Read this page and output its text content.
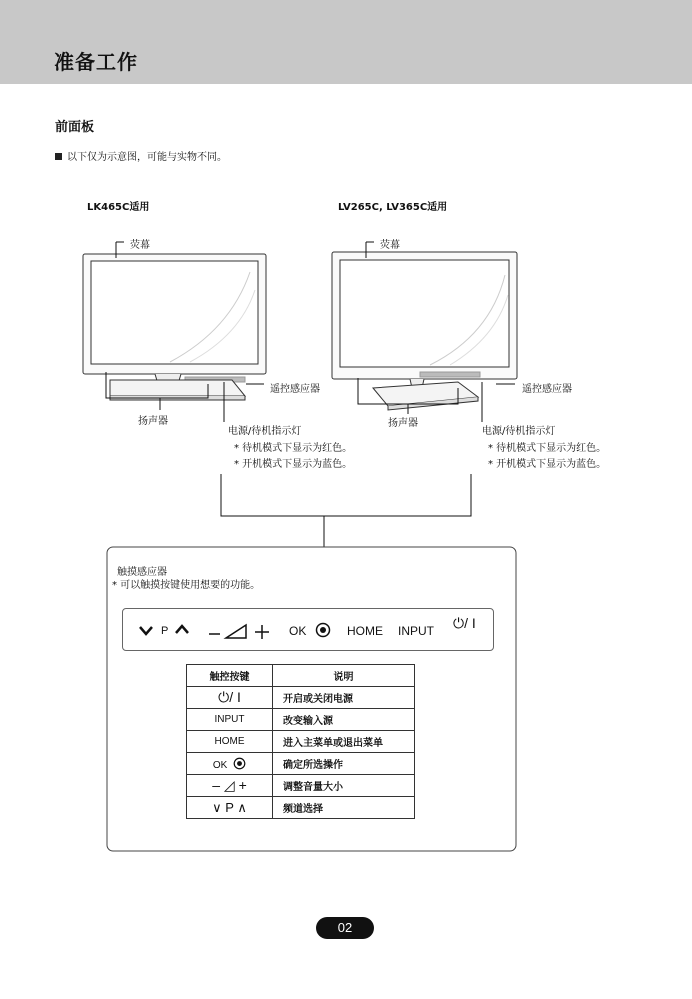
准备工作
前面板
以下仅为示意图，可能与实物不同。
LK465C适用
荧幕
遥控感应器
扬声器
电源/待机指示灯
* 待机模式下显示为红色。
* 开机模式下显示为蓝色。
LV265C, LV365C适用
荧幕
遥控感应器
扬声器
电源/待机指示灯
* 待机模式下显示为红色。
* 开机模式下显示为蓝色。
触摸感应器
* 可以触摸按键使用想要的功能。
P	OK	HOME INPUT ⏻/ I
触控按键	说明
⏻/ I	开启或关闭电源
INPUT	改变输入源
HOME	进入主菜单或退出菜单
OK	确定所选操作
– ◿ +	调整音量大小
∨ P ∧	频道选择
02
